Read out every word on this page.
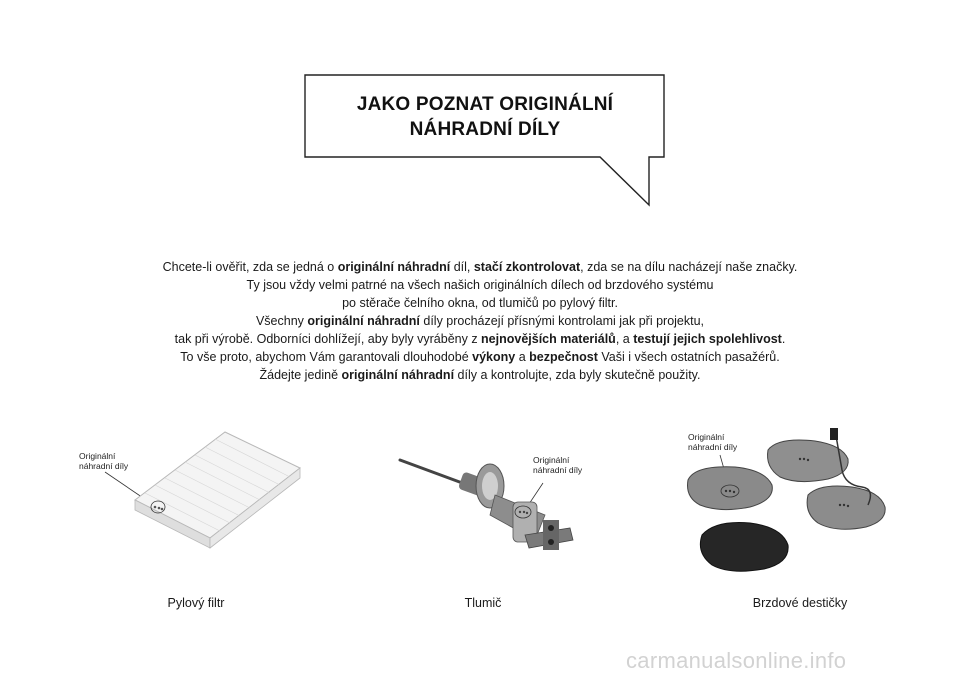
JAKO POZNAT ORIGINÁLNÍ
NÁHRADNÍ DÍLY
Chcete-li ověřit, zda se jedná o originální náhradní díl, stačí zkontrolovat, zda se na dílu nacházejí naše značky.
Ty jsou vždy velmi patrné na všech našich originálních dílech od brzdového systému
po stěrače čelního okna, od tlumičů po pylový filtr.
Všechny originální náhradní díly procházejí přísnými kontrolami jak při projektu,
tak při výrobě. Odborníci dohlížejí, aby byly vyráběny z nejnovějších materiálů, a testují jejich spolehlivost.
To vše proto, abychom Vám garantovali dlouhodobé výkony a bezpečnost Vaši i všech ostatních pasažérů.
Žádejte jedině originální náhradní díly a kontrolujte, zda byly skutečně použity.
Originální
náhradní díly
Pylový filtr
Originální
náhradní díly
Tlumič
Originální
náhradní díly
Brzdové destičky
carmanualsonline.info
